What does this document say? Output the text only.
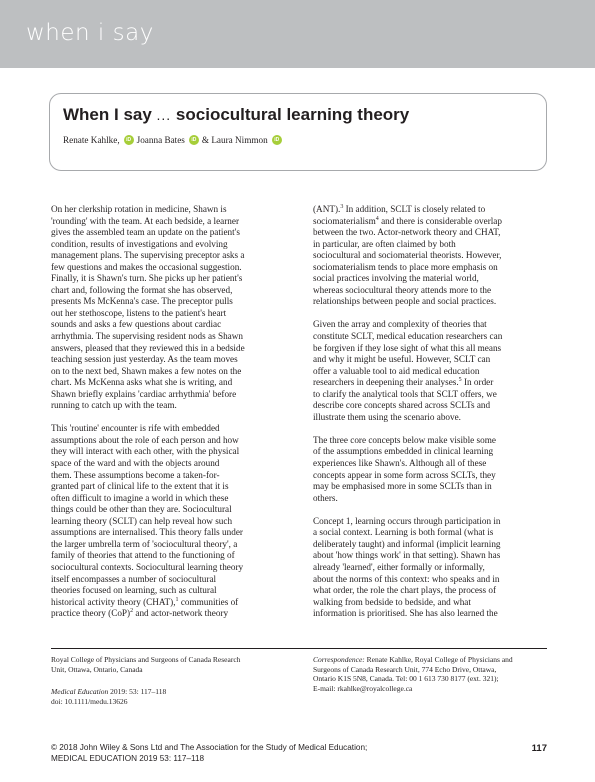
when i say
When I say ... sociocultural learning theory
Renate Kahlke,	iD Joanna Bates	iD & Laura Nimmon	iD

On her clerkship rotation in medicine, Shawn is
'rounding' with the team. At each bedside, a learner
gives the assembled team an update on the patient's
condition, results of investigations and evolving
management plans. The supervising preceptor asks a
few questions and makes the occasional suggestion.
Finally, it is Shawn's turn. She picks up her patient's
chart and, following the format she has observed,
presents Ms McKenna's case. The preceptor pulls
out her stethoscope, listens to the patient's heart
sounds and asks a few questions about cardiac
arrhythmia. The supervising resident nods as Shawn
answers, pleased that they reviewed this in a bedside
teaching session just yesterday. As the team moves
on to the next bed, Shawn makes a few notes on the
chart. Ms McKenna asks what she is writing, and
Shawn briefly explains 'cardiac arrhythmia' before
running to catch up with the team.

This 'routine' encounter is rife with embedded
assumptions about the role of each person and how
they will interact with each other, with the physical
space of the ward and with the objects around
them. These assumptions become a taken-for-
granted part of clinical life to the extent that it is
often difficult to imagine a world in which these
things could be other than they are. Sociocultural
learning theory (SCLT) can help reveal how such
assumptions are internalised. This theory falls under
the larger umbrella term of 'sociocultural theory', a
family of theories that attend to the functioning of
sociocultural contexts. Sociocultural learning theory
itself encompasses a number of sociocultural
theories focused on learning, such as cultural
historical activity theory (CHAT),$^1$ communities of
practice theory (CoP)$^2$ and actor-network theory

(ANT).$^3$ In addition, SCLT is closely related to
sociomaterialism$^4$ and there is considerable overlap
between the two. Actor-network theory and CHAT,
in particular, are often claimed by both
sociocultural and sociomaterial theorists. However,
sociomaterialism tends to place more emphasis on
social practices involving the material world,
whereas sociocultural theory attends more to the
relationships between people and social practices.

Given the array and complexity of theories that
constitute SCLT, medical education researchers can
be forgiven if they lose sight of what this all means
and why it might be useful. However, SCLT can
offer a valuable tool to aid medical education
researchers in deepening their analyses.$^5$ In order
to clarify the analytical tools that SCLT offers, we
describe core concepts shared across SCLTs and
illustrate them using the scenario above.

The three core concepts below make visible some
of the assumptions embedded in clinical learning
experiences like Shawn's. Although all of these
concepts appear in some form across SCLTs, they
may be emphasised more in some SCLTs than in
others.

Concept 1, learning occurs through participation in
a social context. Learning is both formal (what is
deliberately taught) and informal (implicit learning
about 'how things work' in that setting). Shawn has
already 'learned', either formally or informally,
about the norms of this context: who speaks and in
what order, the role the chart plays, the process of
walking from bedside to bedside, and what
information is prioritised. She has also learned the

Royal College of Physicians and Surgeons of Canada Research
Unit, Ottawa, Ontario, Canada
Medical Education 2019: 53: 117–118
doi: 10.1111/medu.13626
Correspondence: Renate Kahlke, Royal College of Physicians and
Surgeons of Canada Research Unit, 774 Echo Drive, Ottawa,
Ontario K1S 5N8, Canada. Tel: 00 1 613 730 8177 (ext. 321);
E-mail: rkahlke@royalcollege.ca
© 2018 John Wiley & Sons Ltd and The Association for the Study of Medical Education;
MEDICAL EDUCATION 2019 53: 117–118
117
